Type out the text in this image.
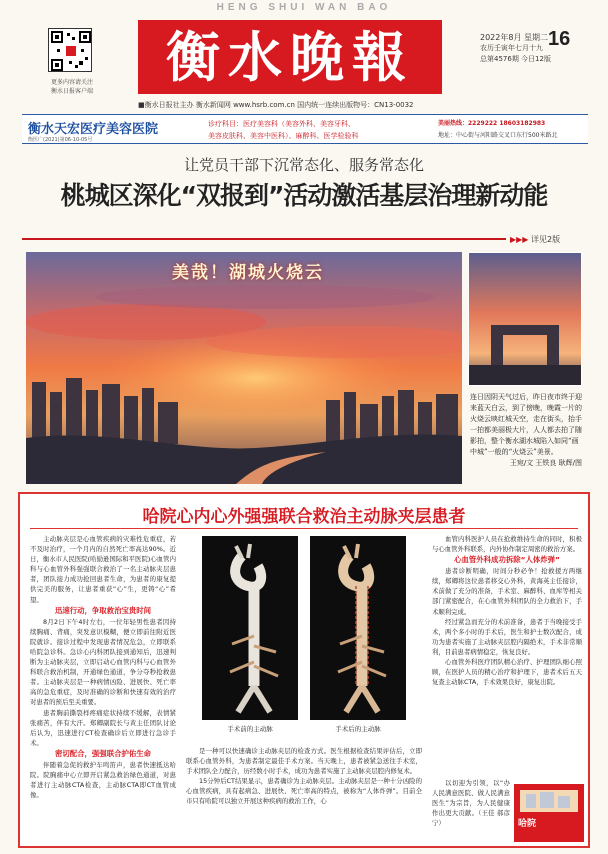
HENG SHUI WAN BAO
更多内容请关注
衡水日报客户端
衡水晚報	2022年8月 星期二
农历壬寅年七月十九
总第4576期 今日12版
16
■衡水日报社主办 衡水新闻网 www.hsrb.com.cn 国内统一连续出版物号：CN13-0032
衡水天宏医疗美容医院
衡医广(2021)第06-10-05号
诊疗科目：医疗美容科（美容外科、美容牙科、
美容皮肤科、美容中医科）、麻醉科、医学检验科
美丽热线：2229222 18603182983
地址：中心街与河阳路交叉口东行500米路北
让党员干部下沉常态化、服务常态化
桃城区深化“双报到”活动激活基层治理新动能
▶▶▶ 详见2版
美哉！湖城火烧云
连日因阴天气过后，昨日夜市终于迎来蓝天白云，到了傍晚，晚霞一片的火烧云映红城天空，走在街头，抬手一拍都美丽极大片，人人都去拍了随影拍，整个衡水湖水城陷入如同“画中城”一般的“火烧云”美景。
王宛/文 王铁良 耿辉/图
哈院心内心外强强联合救治主动脉夹层患者

主动脉夹层是心血管疾病的灾难性危重症，若不及时治疗，一个月内的自然死亡率高达90%。近日，衡水市人民医院(哈励逊国际和平医院)心血管内科与心血管外科强强联合救治了一名主动脉夹层患者，团队接力成功抢回患者生命，为患者的康复提供完美的服务，让患者重获“心”生，更铸“心”希望。

迅速行动，争取救治宝贵时间

8月2日下午4时左右，一位年轻男性患者因持续胸痛、背痛，突发意识模糊，便立即前往附近医院就诊。接诊过程中发现患者情况危急，立即联系哈院急诊科。急诊心内科团队接到通知后，迅速判断为主动脉夹层，立即启动心血管内科与心血管外科联合救治机制，开通绿色通道，争分夺秒抢救患者。主动脉夹层是一种病情凶险、进展快、死亡率高的急危重症，及时准确的诊断和快速有效的治疗对患者的预后至关重要。

患者胸前撕裂样疼痛症状持续不缓解，表情紧张痛苦，伴有大汗。郑卿副院长与黄主任团队讨论后认为，迅速进行CT检查确诊后立即进行急诊手术。

密切配合，强强联合护佑生命

伴随着急促的救护车鸣笛声，患者快速抵达哈院。院胸痛中心立即开启紧急救治绿色通道，对患者进行主动脉CTA检查，主动脉CTA即CT血管成像。

手术前的主动脉	手术后的主动脉

是一种可以快速确诊主动脉夹层的检查方式。医生根据检查结果评估后，立即联系心血管外科，为患者制定最佳手术方案。当天晚上，患者被紧急送往手术室，手术团队全力配合，历经数小时手术，成功为患者实施了主动脉夹层腔内修复术。

15分钟后CT结果显示，患者确诊为主动脉夹层。主动脉夹层是一种十分凶险的心血管疾病，具有起病急、进展快、死亡率高的特点，被称为“人体炸弹”。目前全市只有哈院可以独立开展这种疾病的救治工作，心

血管内科医护人员在抢救维持生命的同时，积极与心血管外科联系，内外协作制定周密的救治方案。

心血管外科成功拆除“人体炸弹”

患者诊断明确，时间分秒必争！抢救援方两继续，郑卿将这位患者移交心外科，黄海英主任接诊，术前做了充分的准备，手术室、麻醉科、血库等相关部门紧密配合，在心血管外科团队的全力救治下，手术顺利完成。

经过紧急而充分的术前准备，患者于当晚接受手术，两个多小时的手术后，医生和护士数次配合，成功为患者实施了主动脉夹层腔内隔绝术，手术非常顺利，目前患者病情稳定，恢复良好。

心血管外科医疗团队精心治疗、护理团队细心照顾，在医护人员的精心治疗和护理下，患者术后五天复查主动脉CTA，手术效果良好，康复出院。

以切迎为引领，以“办人民满意医院、做人民满意医生”为宗旨，为人民健康作出更大贡献。（王佳 郝彦宁）	哈院
